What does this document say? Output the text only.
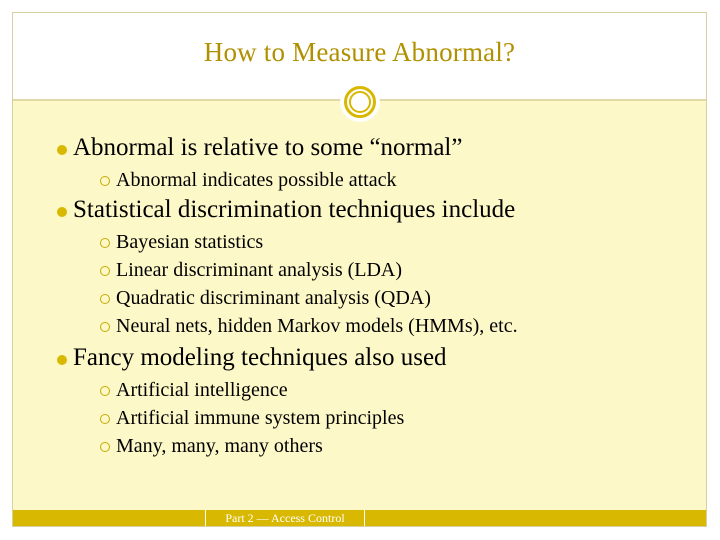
How to Measure Abnormal?
Abnormal is relative to some “normal”
Abnormal indicates possible attack
Statistical discrimination techniques include
Bayesian statistics
Linear discriminant analysis (LDA)
Quadratic discriminant analysis (QDA)
Neural nets, hidden Markov models (HMMs), etc.
Fancy modeling techniques also used
Artificial intelligence
Artificial immune system principles
Many, many, many others
Part 2 — Access Control
